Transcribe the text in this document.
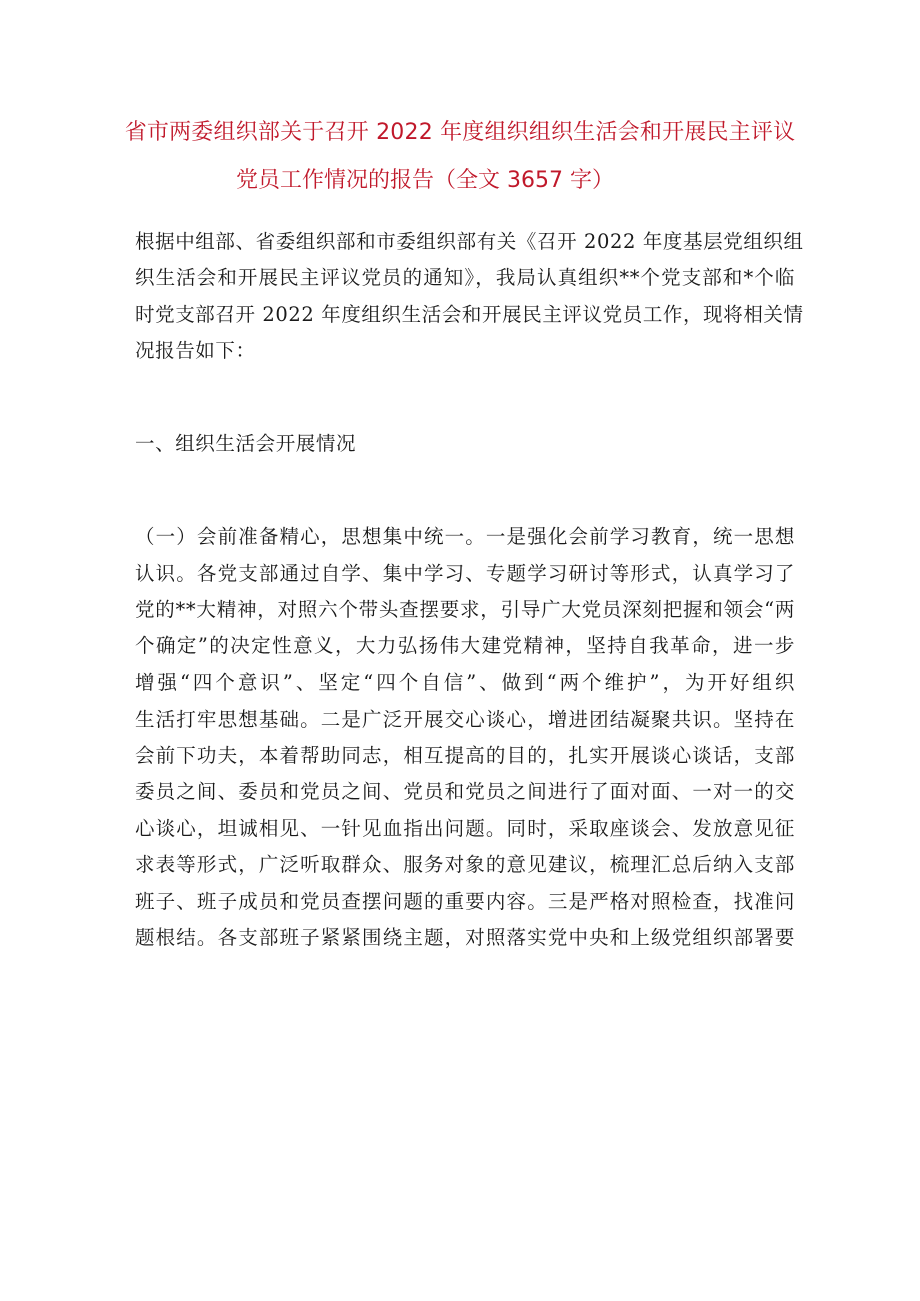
省市两委组织部关于召开 2022 年度组织组织生活会和开展民主评议
党员工作情况的报告（全文 3657 字）
根据中组部、省委组织部和市委组织部有关《召开 2022 年度基层党组织组
织生活会和开展民主评议党员的通知》，我局认真组织**个党支部和*个临
时党支部召开 2022 年度组织生活会和开展民主评议党员工作，现将相关情
况报告如下：
一、组织生活会开展情况
（一）会前准备精心，思想集中统一。一是强化会前学习教育，统一思想
认识。各党支部通过自学、集中学习、专题学习研讨等形式，认真学习了
党的**大精神，对照六个带头查摆要求，引导广大党员深刻把握和领会“两
个确定”的决定性意义，大力弘扬伟大建党精神，坚持自我革命，进一步
增强“四个意识”、坚定“四个自信”、做到“两个维护”，为开好组织
生活打牢思想基础。二是广泛开展交心谈心，增进团结凝聚共识。坚持在
会前下功夫，本着帮助同志，相互提高的目的，扎实开展谈心谈话，支部
委员之间、委员和党员之间、党员和党员之间进行了面对面、一对一的交
心谈心，坦诚相见、一针见血指出问题。同时，采取座谈会、发放意见征
求表等形式，广泛听取群众、服务对象的意见建议，梳理汇总后纳入支部
班子、班子成员和党员查摆问题的重要内容。三是严格对照检查，找准问
题根结。各支部班子紧紧围绕主题，对照落实党中央和上级党组织部署要
